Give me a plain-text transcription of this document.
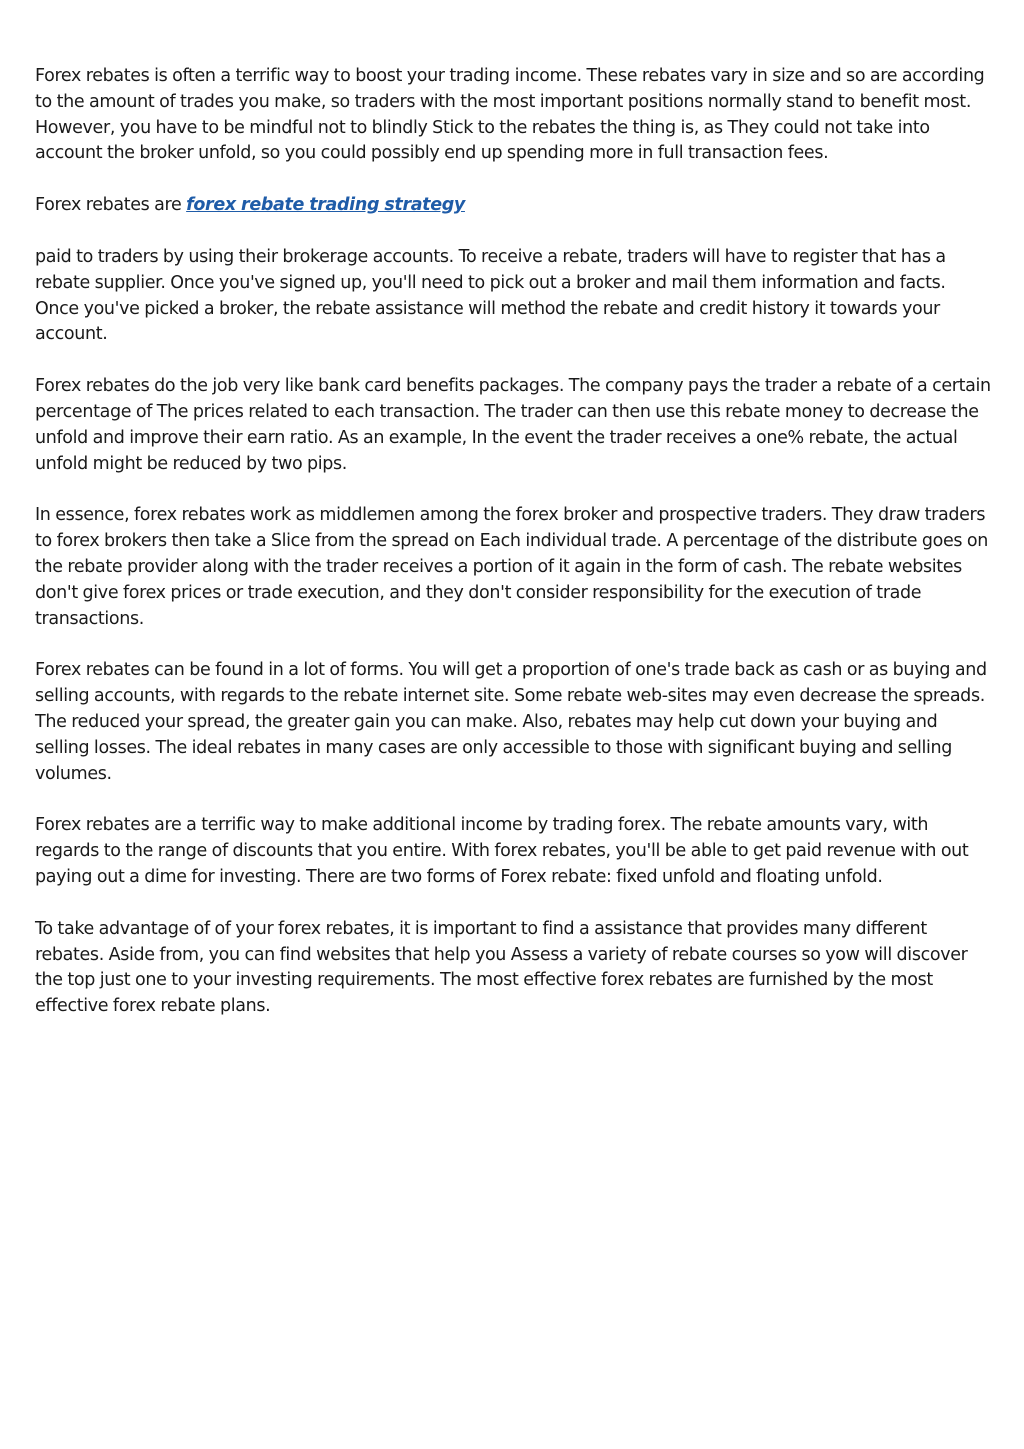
Forex rebates is often a terrific way to boost your trading income. These rebates vary in size and so are according to the amount of trades you make, so traders with the most important positions normally stand to benefit most. However, you have to be mindful not to blindly Stick to the rebates the thing is, as They could not take into account the broker unfold, so you could possibly end up spending more in full transaction fees.

Forex rebates are forex rebate trading strategy

paid to traders by using their brokerage accounts. To receive a rebate, traders will have to register that has a rebate supplier. Once you've signed up, you'll need to pick out a broker and mail them information and facts. Once you've picked a broker, the rebate assistance will method the rebate and credit history it towards your account.

Forex rebates do the job very like bank card benefits packages. The company pays the trader a rebate of a certain percentage of The prices related to each transaction. The trader can then use this rebate money to decrease the unfold and improve their earn ratio. As an example, In the event the trader receives a one% rebate, the actual unfold might be reduced by two pips.

In essence, forex rebates work as middlemen among the forex broker and prospective traders. They draw traders to forex brokers then take a Slice from the spread on Each individual trade. A percentage of the distribute goes on the rebate provider along with the trader receives a portion of it again in the form of cash. The rebate websites don't give forex prices or trade execution, and they don't consider responsibility for the execution of trade transactions.

Forex rebates can be found in a lot of forms. You will get a proportion of one's trade back as cash or as buying and selling accounts, with regards to the rebate internet site. Some rebate web-sites may even decrease the spreads. The reduced your spread, the greater gain you can make. Also, rebates may help cut down your buying and selling losses. The ideal rebates in many cases are only accessible to those with significant buying and selling volumes.

Forex rebates are a terrific way to make additional income by trading forex. The rebate amounts vary, with regards to the range of discounts that you entire. With forex rebates, you'll be able to get paid revenue with out paying out a dime for investing. There are two forms of Forex rebate: fixed unfold and floating unfold.

To take advantage of of your forex rebates, it is important to find a assistance that provides many different rebates. Aside from, you can find websites that help you Assess a variety of rebate courses so yow will discover the top just one to your investing requirements. The most effective forex rebates are furnished by the most effective forex rebate plans.
